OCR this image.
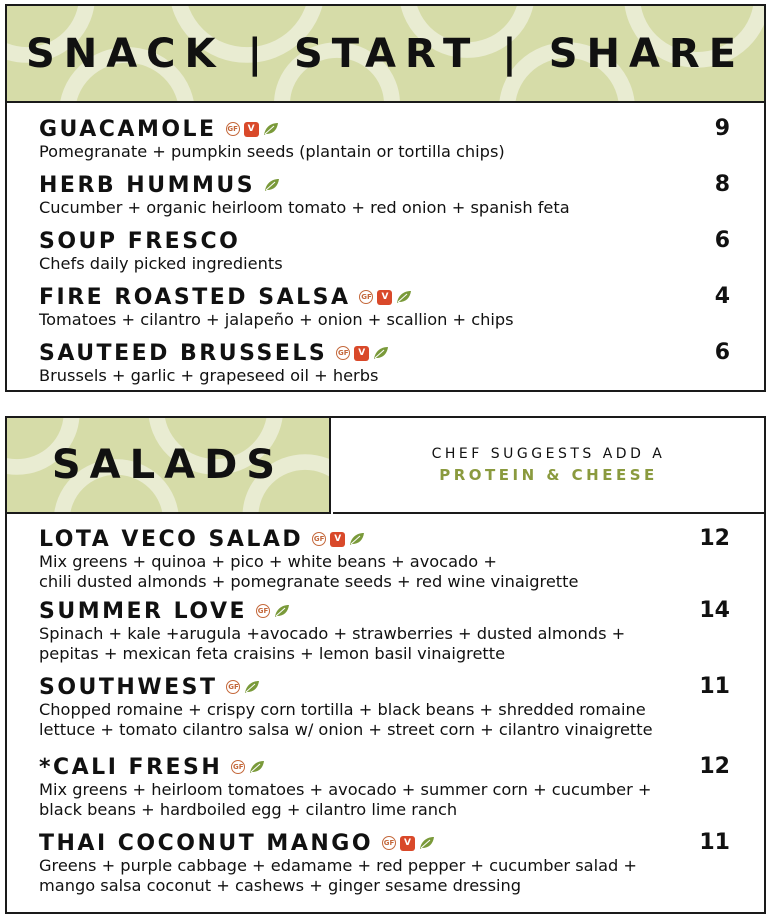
SNACK | START | SHARE
GUACAMOLE GF	V	9
Pomegranate + pumpkin seeds (plantain or tortilla chips)
HERB HUMMUS	8
Cucumber + organic heirloom tomato + red onion + spanish feta
SOUP FRESCO	6
Chefs daily picked ingredients
FIRE ROASTED SALSA GF	V	4
Tomatoes + cilantro + jalapeño + onion + scallion + chips
SAUTEED BRUSSELS GF	V	6
Brussels + garlic + grapeseed oil + herbs
SALADS	CHEF SUGGESTS ADD A
PROTEIN & CHEESE
LOTA VECO SALAD GF	V	12
Mix greens + quinoa + pico + white beans + avocado +
chili dusted almonds + pomegranate seeds + red wine vinaigrette
SUMMER LOVE GF	14
Spinach + kale +arugula +avocado + strawberries + dusted almonds +
pepitas + mexican feta craisins + lemon basil vinaigrette
SOUTHWEST GF	11
Chopped romaine + crispy corn tortilla + black beans + shredded romaine
lettuce + tomato cilantro salsa w/ onion + street corn + cilantro vinaigrette
*CALI FRESH GF	12
Mix greens + heirloom tomatoes + avocado + summer corn + cucumber +
black beans + hardboiled egg + cilantro lime ranch
THAI COCONUT MANGO GF	V	11
Greens + purple cabbage + edamame + red pepper + cucumber salad +
mango salsa coconut + cashews + ginger sesame dressing
